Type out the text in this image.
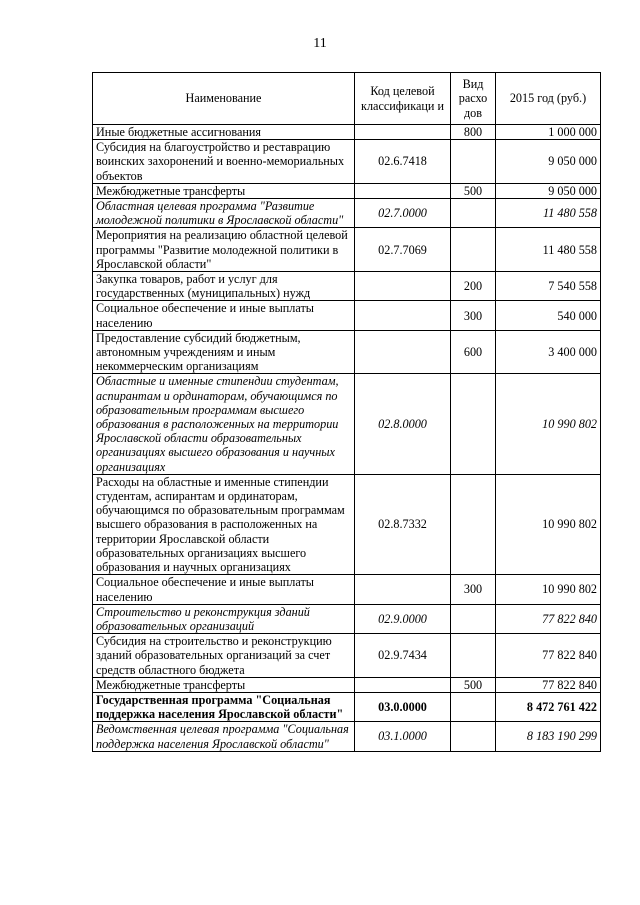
11
Наименование	Код целевой классификаци и	Вид расхо дов	2015 год (руб.)
Иные бюджетные ассигнования		800	1 000 000
Субсидия на благоустройство и реставрацию воинских захоронений и военно-мемориальных объектов	02.6.7418		9 050 000
Межбюджетные трансферты		500	9 050 000
Областная целевая программа "Развитие молодежной политики в Ярославской области"	02.7.0000		11 480 558
Мероприятия на реализацию областной целевой программы "Развитие молодежной политики в Ярославской области"	02.7.7069		11 480 558
Закупка товаров, работ и услуг для государственных (муниципальных) нужд		200	7 540 558
Социальное обеспечение и иные выплаты населению		300	540 000
Предоставление субсидий бюджетным, автономным учреждениям и иным некоммерческим организациям		600	3 400 000
Областные и именные стипендии студентам, аспирантам и ординаторам, обучающимся по образовательным программам высшего образования в расположенных на территории Ярославской области образовательных организациях высшего образования и научных организациях	02.8.0000		10 990 802
Расходы на областные и именные стипендии студентам, аспирантам и ординаторам, обучающимся по образовательным программам высшего образования в расположенных на территории Ярославской области образовательных организациях высшего образования и научных организациях	02.8.7332		10 990 802
Социальное обеспечение и иные выплаты населению		300	10 990 802
Строительство и реконструкция зданий образовательных организаций	02.9.0000		77 822 840
Субсидия на строительство и реконструкцию зданий образовательных организаций за счет средств областного бюджета	02.9.7434		77 822 840
Межбюджетные трансферты		500	77 822 840
Государственная программа "Социальная поддержка населения Ярославской области"	03.0.0000		8 472 761 422
Ведомственная целевая программа "Социальная поддержка населения Ярославской области"	03.1.0000		8 183 190 299
